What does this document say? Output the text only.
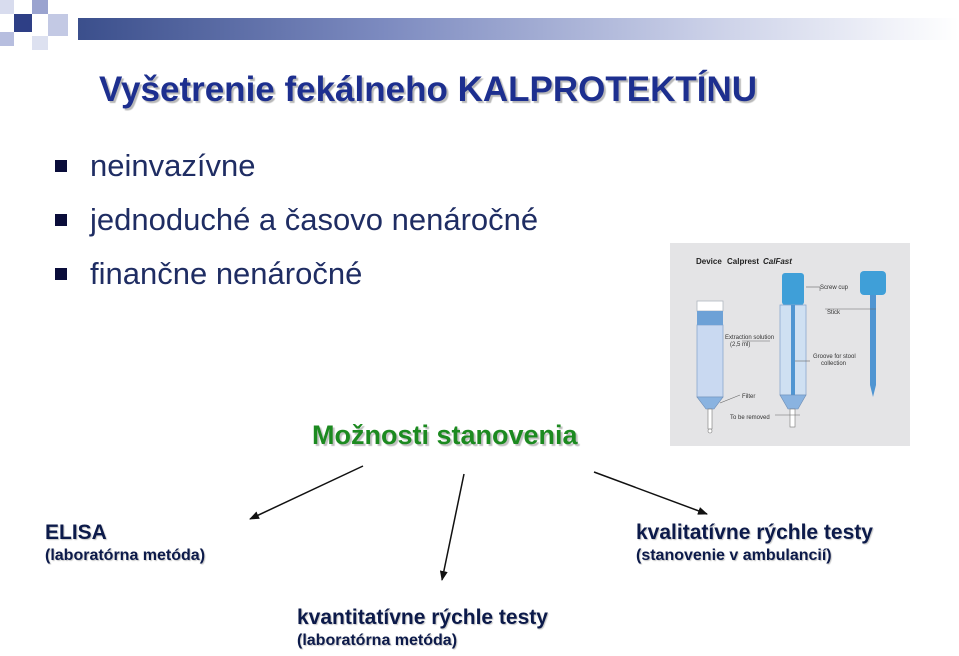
Vyšetrenie fekálneho KALPROTEKTÍNU
neinvazívne
jednoduché a časovo nenáročné
finančne nenáročné	Device Calprest CalFast
Screw cup
Stick
Extraction solution
(2,5 ml)
Groove for stool
collection
Filter
To be removed
Možnosti stanovenia
ELISA
(laboratórna metóda)
kvalitatívne rýchle testy
(stanovenie v ambulancií)
kvantitatívne rýchle testy
(laboratórna metóda)
